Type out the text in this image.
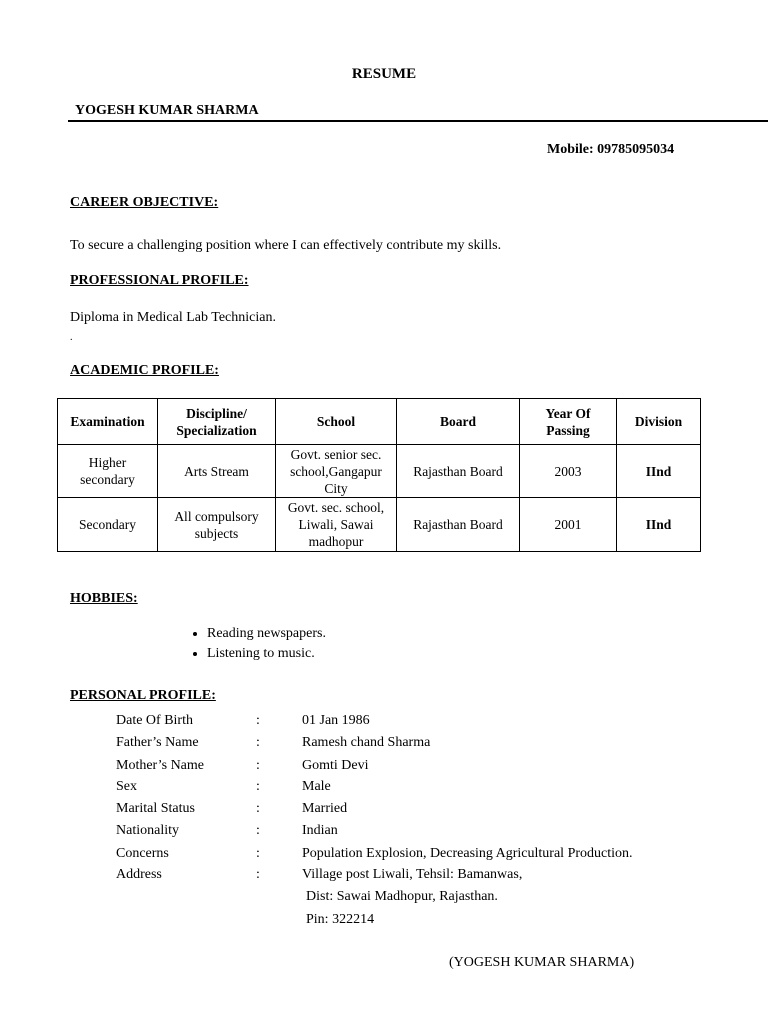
RESUME
YOGESH KUMAR SHARMA
Mobile: 09785095034
CAREER OBJECTIVE:
To secure a challenging position where I can effectively contribute my skills.
PROFESSIONAL PROFILE:
Diploma in Medical Lab Technician.
.
ACADEMIC PROFILE:
Examination	Discipline/ Specialization	School	Board	Year Of Passing	Division
Higher secondary	Arts Stream	Govt. senior sec. school,Gangapur City	Rajasthan Board	2003	IInd
Secondary	All compulsory subjects	Govt. sec. school, Liwali, Sawai madhopur	Rajasthan Board	2001	IInd
HOBBIES:
• Reading newspapers.
• Listening to music.
PERSONAL PROFILE:
Date Of Birth	:	01 Jan 1986
Father’s Name	:	Ramesh chand Sharma
Mother’s Name	:	Gomti Devi
Sex	:	Male
Marital Status	:	Married
Nationality	:	Indian
Concerns	:	Population Explosion, Decreasing Agricultural Production.
Address	:	Village post Liwali, Tehsil: Bamanwas,
Dist: Sawai Madhopur, Rajasthan.
Pin: 322214
(YOGESH KUMAR SHARMA)
